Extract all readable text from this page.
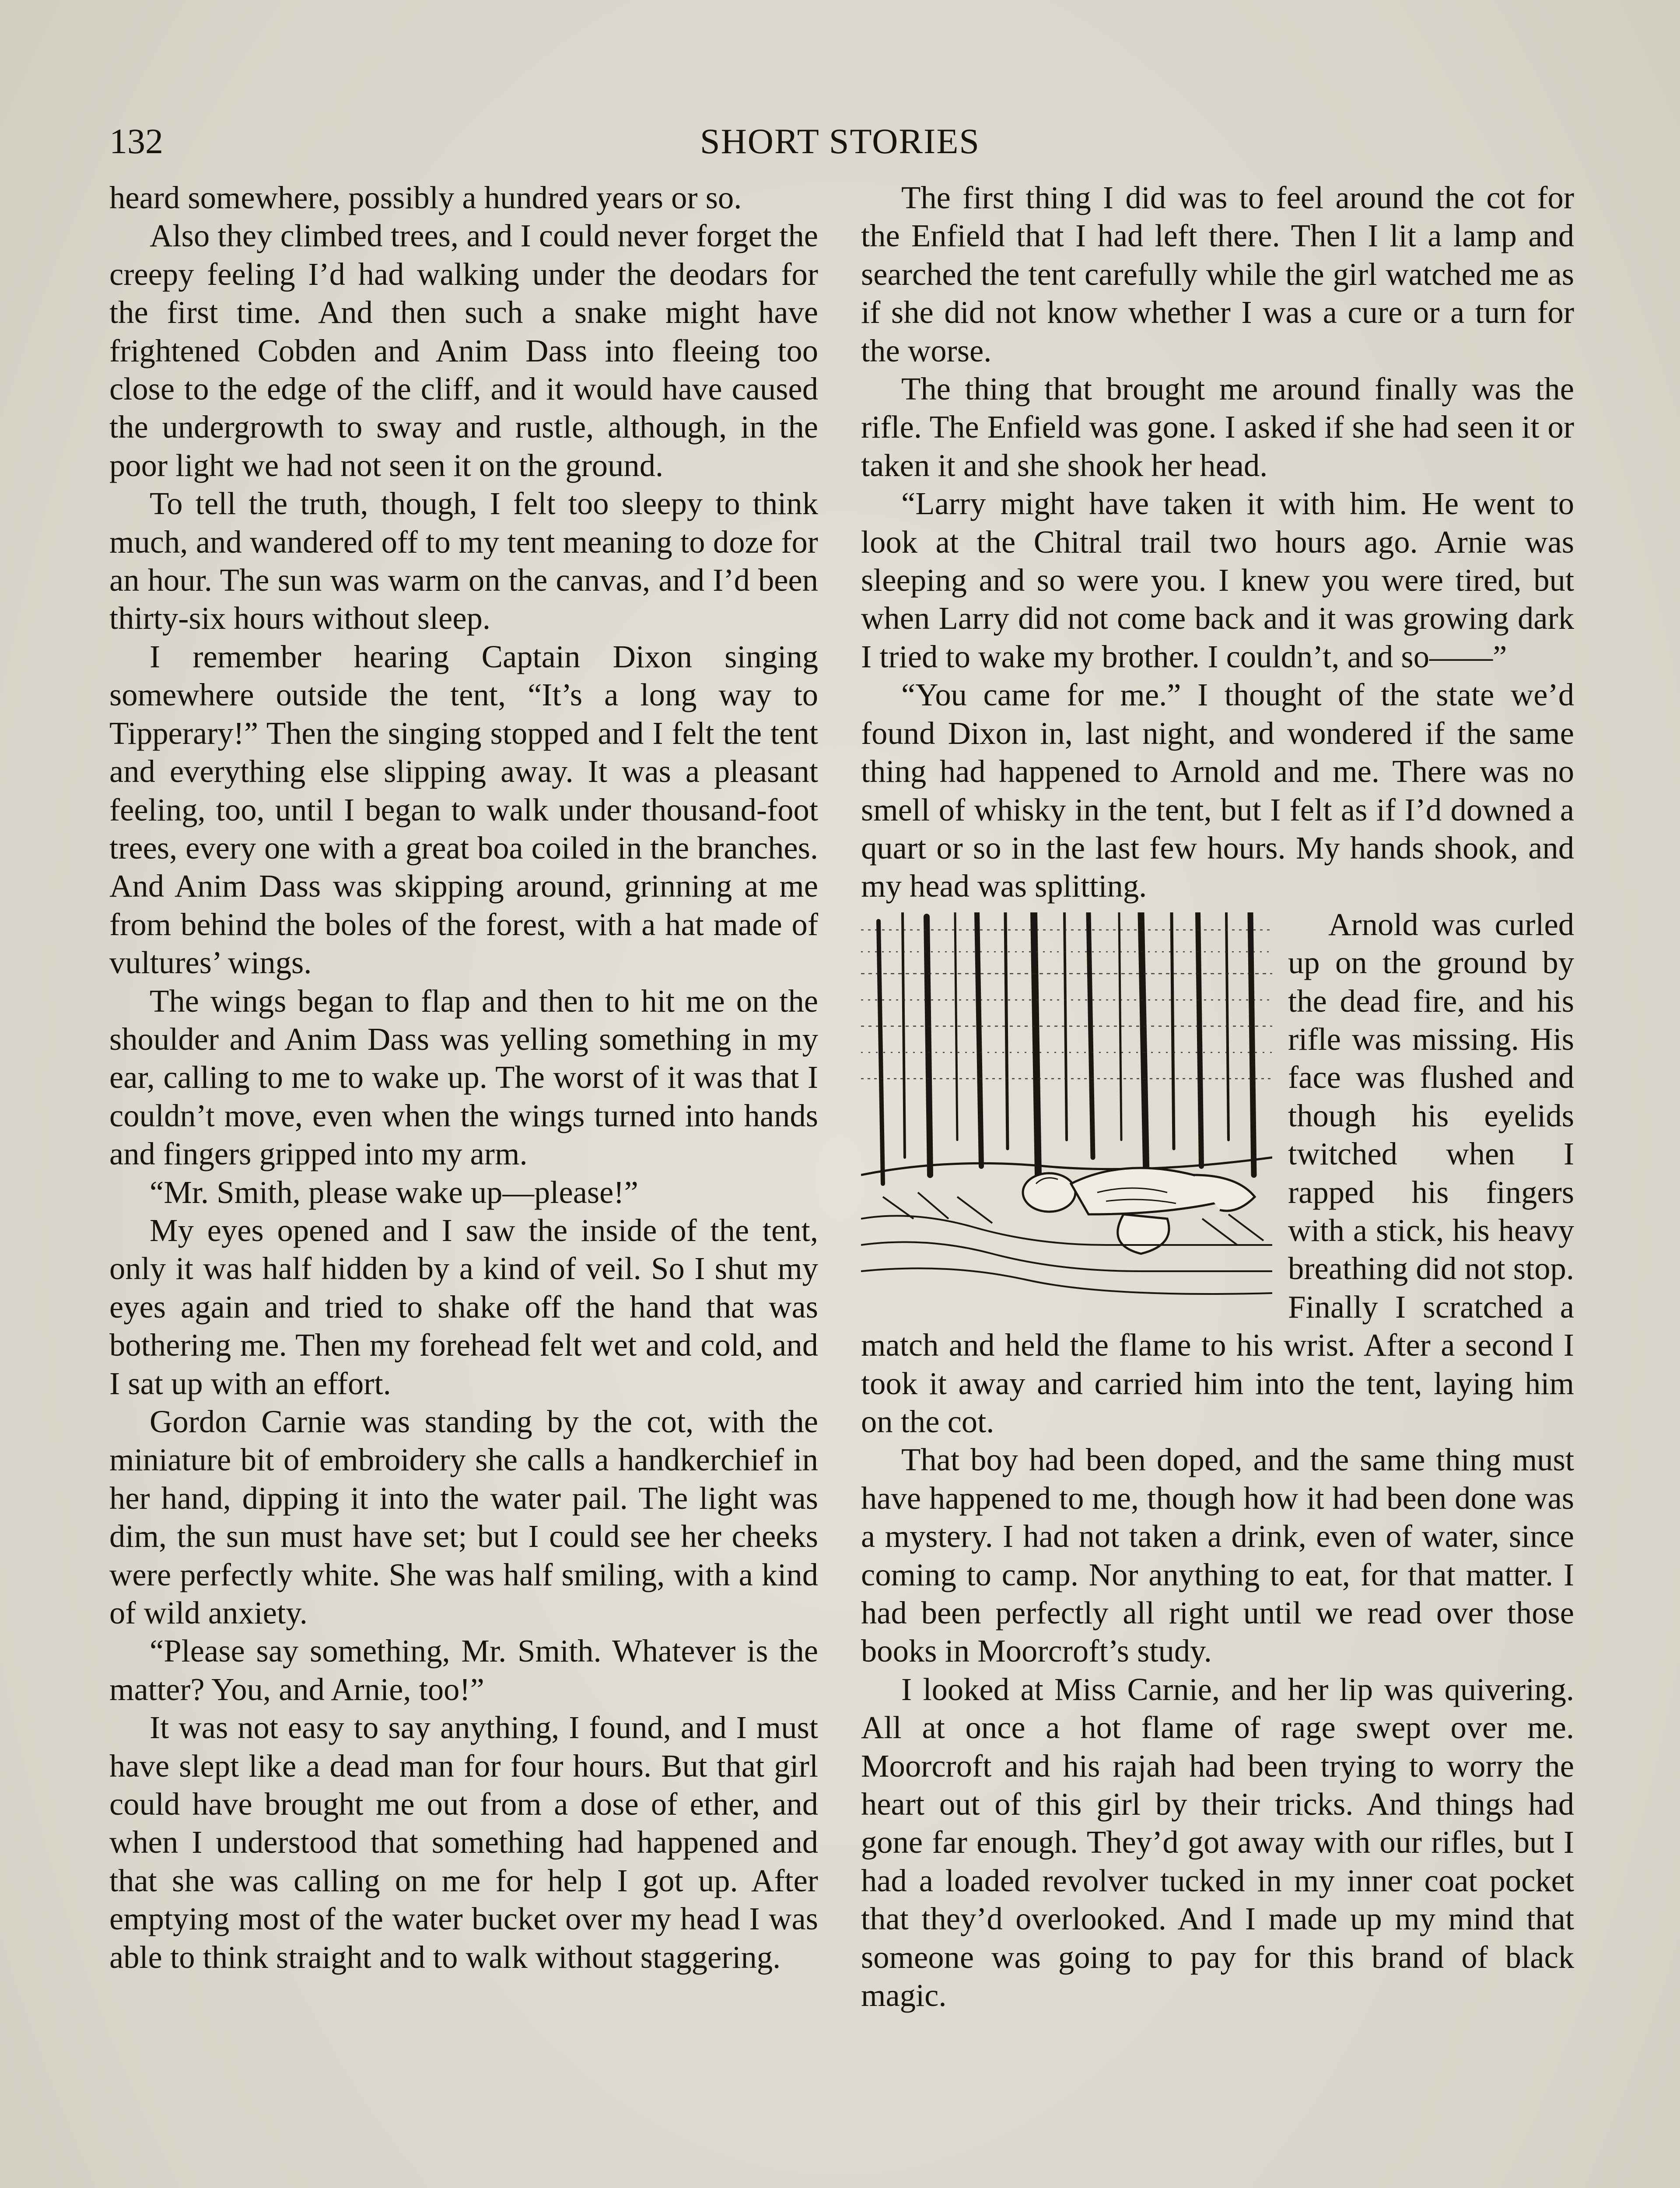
132	SHORT STORIES

heard somewhere, possibly a hundred years or so.

Also they climbed trees, and I could never forget the creepy feeling I’d had walking under the deodars for the first time. And then such a snake might have frightened Cobden and Anim Dass into fleeing too close to the edge of the cliff, and it would have caused the undergrowth to sway and rustle, although, in the poor light we had not seen it on the ground.

To tell the truth, though, I felt too sleepy to think much, and wandered off to my tent meaning to doze for an hour. The sun was warm on the canvas, and I’d been thirty-six hours without sleep.

I remember hearing Captain Dixon singing somewhere outside the tent, “It’s a long way to Tipperary!” Then the singing stopped and I felt the tent and everything else slipping away. It was a pleasant feeling, too, until I began to walk under thousand-foot trees, every one with a great boa coiled in the branches. And Anim Dass was skipping around, grinning at me from behind the boles of the forest, with a hat made of vultures’ wings.

The wings began to flap and then to hit me on the shoulder and Anim Dass was yelling something in my ear, calling to me to wake up. The worst of it was that I couldn’t move, even when the wings turned into hands and fingers gripped into my arm.

“Mr. Smith, please wake up—please!”

My eyes opened and I saw the inside of the tent, only it was half hidden by a kind of veil. So I shut my eyes again and tried to shake off the hand that was bothering me. Then my forehead felt wet and cold, and I sat up with an effort.

Gordon Carnie was standing by the cot, with the miniature bit of embroidery she calls a handkerchief in her hand, dipping it into the water pail. The light was dim, the sun must have set; but I could see her cheeks were perfectly white. She was half smiling, with a kind of wild anxiety.

“Please say something, Mr. Smith. Whatever is the matter? You, and Arnie, too!”

It was not easy to say anything, I found, and I must have slept like a dead man for four hours. But that girl could have brought me out from a dose of ether, and when I understood that something had happened and that she was calling on me for help I got up. After emptying most of the water bucket over my head I was able to think straight and to walk without staggering.

The first thing I did was to feel around the cot for the Enfield that I had left there. Then I lit a lamp and searched the tent carefully while the girl watched me as if she did not know whether I was a cure or a turn for the worse.

The thing that brought me around finally was the rifle. The Enfield was gone. I asked if she had seen it or taken it and she shook her head.

“Larry might have taken it with him. He went to look at the Chitral trail two hours ago. Arnie was sleeping and so were you. I knew you were tired, but when Larry did not come back and it was growing dark I tried to wake my brother. I couldn’t, and so——”

“You came for me.” I thought of the state we’d found Dixon in, last night, and wondered if the same thing had happened to Arnold and me. There was no smell of whisky in the tent, but I felt as if I’d downed a quart or so in the last few hours. My hands shook, and my head was splitting.

Arnold was curled up on the ground by the dead fire, and his rifle was missing. His face was flushed and though his eyelids twitched when I rapped his fingers with a stick, his heavy breathing did not stop. Finally I scratched a match and held the flame to his wrist. After a second I took it away and carried him into the tent, laying him on the cot.

That boy had been doped, and the same thing must have happened to me, though how it had been done was a mystery. I had not taken a drink, even of water, since coming to camp. Nor anything to eat, for that matter. I had been perfectly all right until we read over those books in Moorcroft’s study.

I looked at Miss Carnie, and her lip was quivering. All at once a hot flame of rage swept over me. Moorcroft and his rajah had been trying to worry the heart out of this girl by their tricks. And things had gone far enough. They’d got away with our rifles, but I had a loaded revolver tucked in my inner coat pocket that they’d overlooked. And I made up my mind that someone was going to pay for this brand of black magic.
